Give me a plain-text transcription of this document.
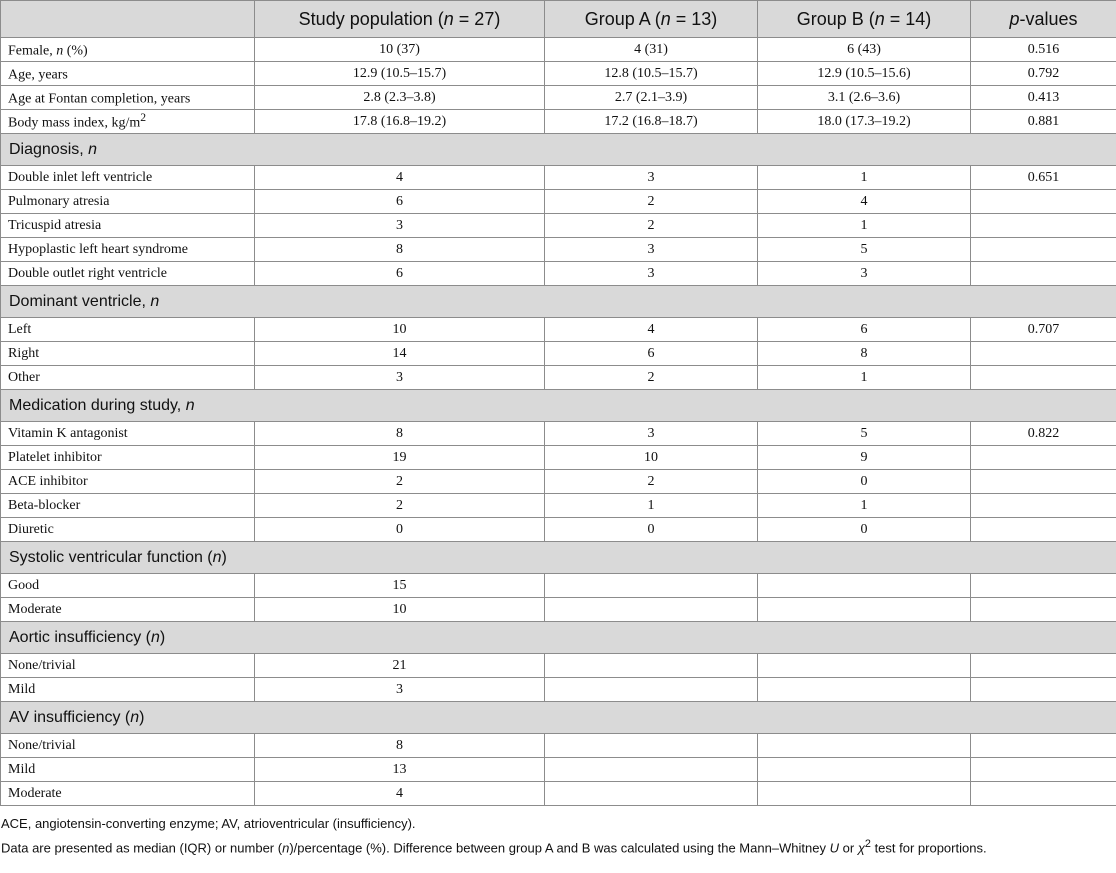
	Study population (n = 27)	Group A (n = 13)	Group B (n = 14)	p-values
Female, n (%)	10 (37)	4 (31)	6 (43)	0.516
Age, years	12.9 (10.5–15.7)	12.8 (10.5–15.7)	12.9 (10.5–15.6)	0.792
Age at Fontan completion, years	2.8 (2.3–3.8)	2.7 (2.1–3.9)	3.1 (2.6–3.6)	0.413
Body mass index, $kg/m^2$	17.8 (16.8–19.2)	17.2 (16.8–18.7)	18.0 (17.3–19.2)	0.881
Diagnosis, n				
Double inlet left ventricle	4	3	1	0.651
Pulmonary atresia	6	2	4	
Tricuspid atresia	3	2	1	
Hypoplastic left heart syndrome	8	3	5	
Double outlet right ventricle	6	3	3	
Dominant ventricle, n				
Left	10	4	6	0.707
Right	14	6	8	
Other	3	2	1	
Medication during study, n				
Vitamin K antagonist	8	3	5	0.822
Platelet inhibitor	19	10	9	
ACE inhibitor	2	2	0	
Beta-blocker	2	1	1	
Diuretic	0	0	0	
Systolic ventricular function (n)				
Good	15			
Moderate	10			
Aortic insufficiency (n)				
None/trivial	21			
Mild	3			
AV insufficiency (n)				
None/trivial	8			
Mild	13			
Moderate	4			
ACE, angiotensin-converting enzyme; AV, atrioventricular (insufficiency).
Data are presented as median (IQR) or number (n)/percentage (%). Difference between group A and B was calculated using the Mann–Whitney U or $\chi^2$ test for proportions.
